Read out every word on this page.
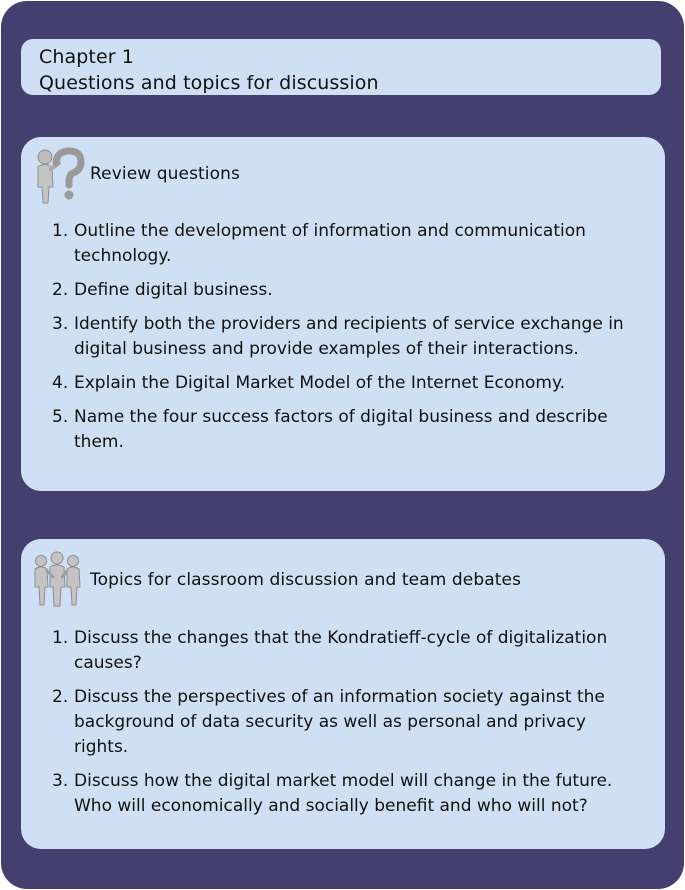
Chapter 1
Questions and topics for discussion
Review questions
1. Outline the development of information and communication technology.
2. Define digital business.
3. Identify both the providers and recipients of service exchange in digital business and provide examples of their interactions.
4. Explain the Digital Market Model of the Internet Economy.
5. Name the four success factors of digital business and describe them.
Topics for classroom discussion and team debates
1. Discuss the changes that the Kondratieff-cycle of digitalization causes?
2. Discuss the perspectives of an information society against the background of data security as well as personal and privacy rights.
3. Discuss how the digital market model will change in the future. Who will economically and socially benefit and who will not?
